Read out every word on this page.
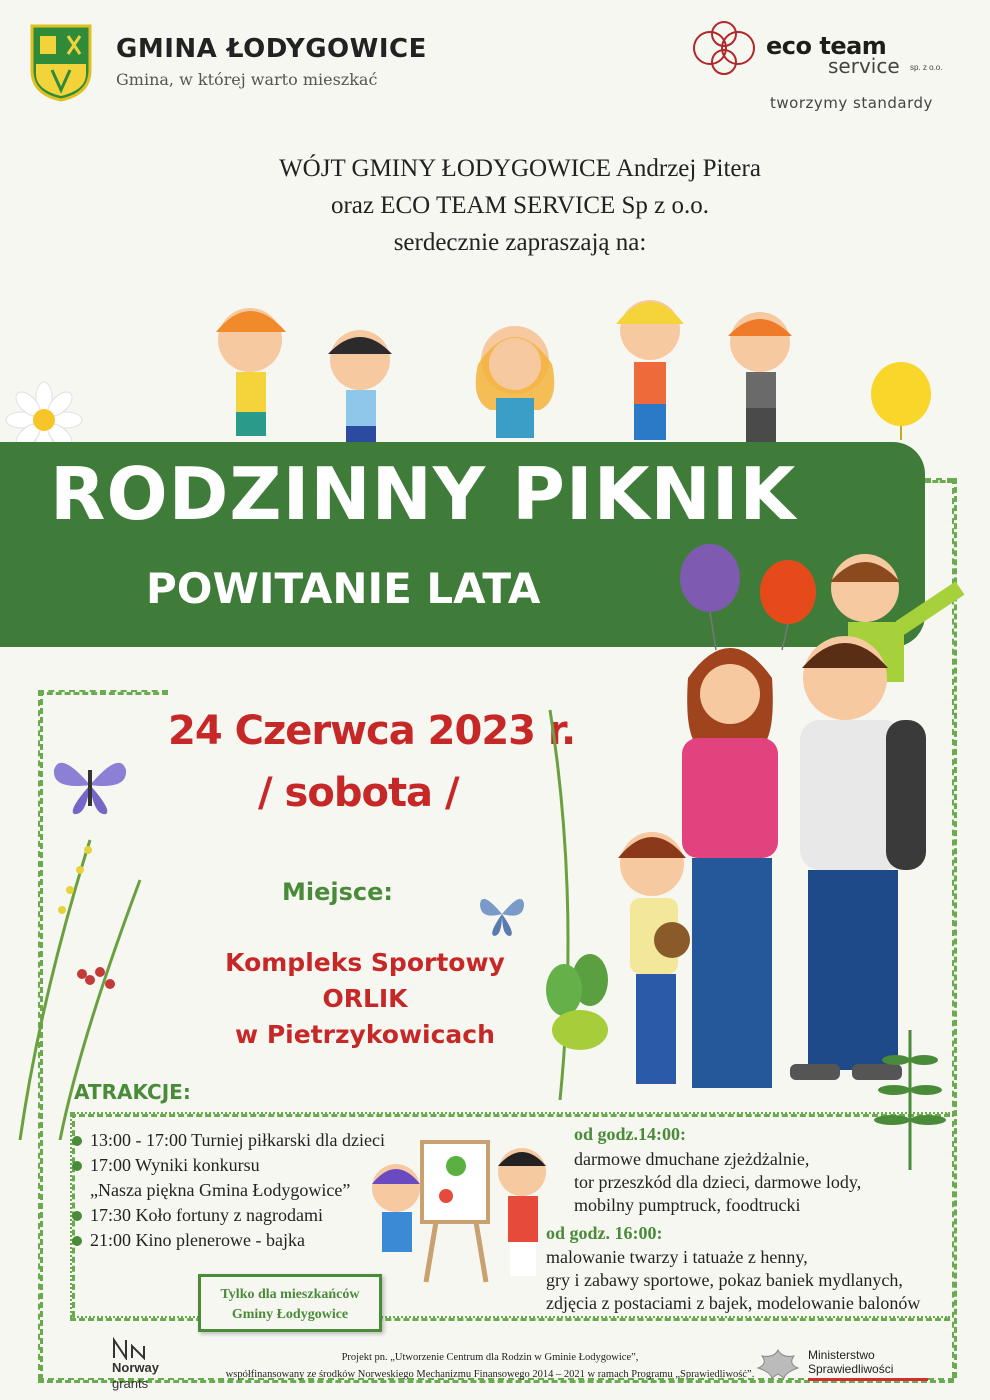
GMINA ŁODYGOWICE
Gmina, w której warto mieszkać
eco team
service sp. z o.o.
tworzymy standardy
WÓJT GMINY ŁODYGOWICE Andrzej Pitera
oraz ECO TEAM SERVICE Sp z o.o.
serdecznie zapraszają na:
RODZINNY PIKNIK
POWITANIE LATA
24 Czerwca 2023 r.
/ sobota /
Miejsce:
Kompleks Sportowy
ORLIK
w Pietrzykowicach
ATRAKCJE:
13:00 - 17:00 Turniej piłkarski dla dzieci
17:00 Wyniki konkursu
„Nasza piękna Gmina Łodygowice”
17:30 Koło fortuny z nagrodami
21:00 Kino plenerowe - bajka
od godz.14:00:
darmowe dmuchane zjeżdżalnie,
tor przeszkód dla dzieci, darmowe lody,
mobilny pumptruck, foodtrucki
od godz. 16:00:
malowanie twarzy i tatuaże z henny,
gry i zabawy sportowe, pokaz baniek mydlanych,
zdjęcia z postaciami z bajek, modelowanie balonów
Tylko dla mieszkańców
Gminy Łodygowice
Norway
grants
Projekt pn. „Utworzenie Centrum dla Rodzin w Gminie Łodygowice”,
współfinansowany ze środków Norweskiego Mechanizmu Finansowego 2014 – 2021 w ramach Programu „Sprawiedliwość”.
Ministerstwo
Sprawiedliwości
